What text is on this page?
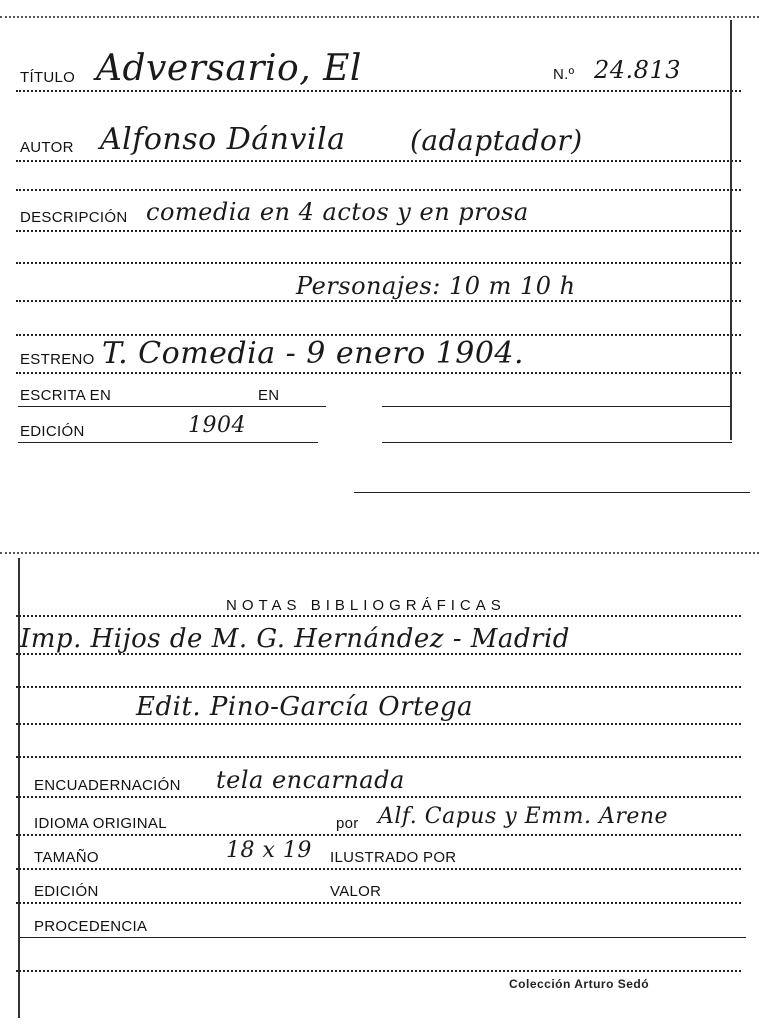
TÍTULO Adversario, El	N.º 24.813
AUTOR Alfonso Dánvila (adaptador)
DESCRIPCIÓN comedia en 4 actos y en prosa
Personajes: 10 m 10 h
ESTRENO T. Comedia - 9 enero 1904.
ESCRITA EN	EN
EDICIÓN	1904
NOTAS BIBLIOGRÁFICAS
Imp. Hijos de M. G. Hernández - Madrid
Edit. Pino-García Ortega
ENCUADERNACIÓN tela encarnada
IDIOMA ORIGINAL	por Alf. Capus y Emm. Arene
TAMAÑO	18 x 19 ILUSTRADO POR
EDICIÓN	VALOR
PROCEDENCIA
Colección Arturo Sedó
